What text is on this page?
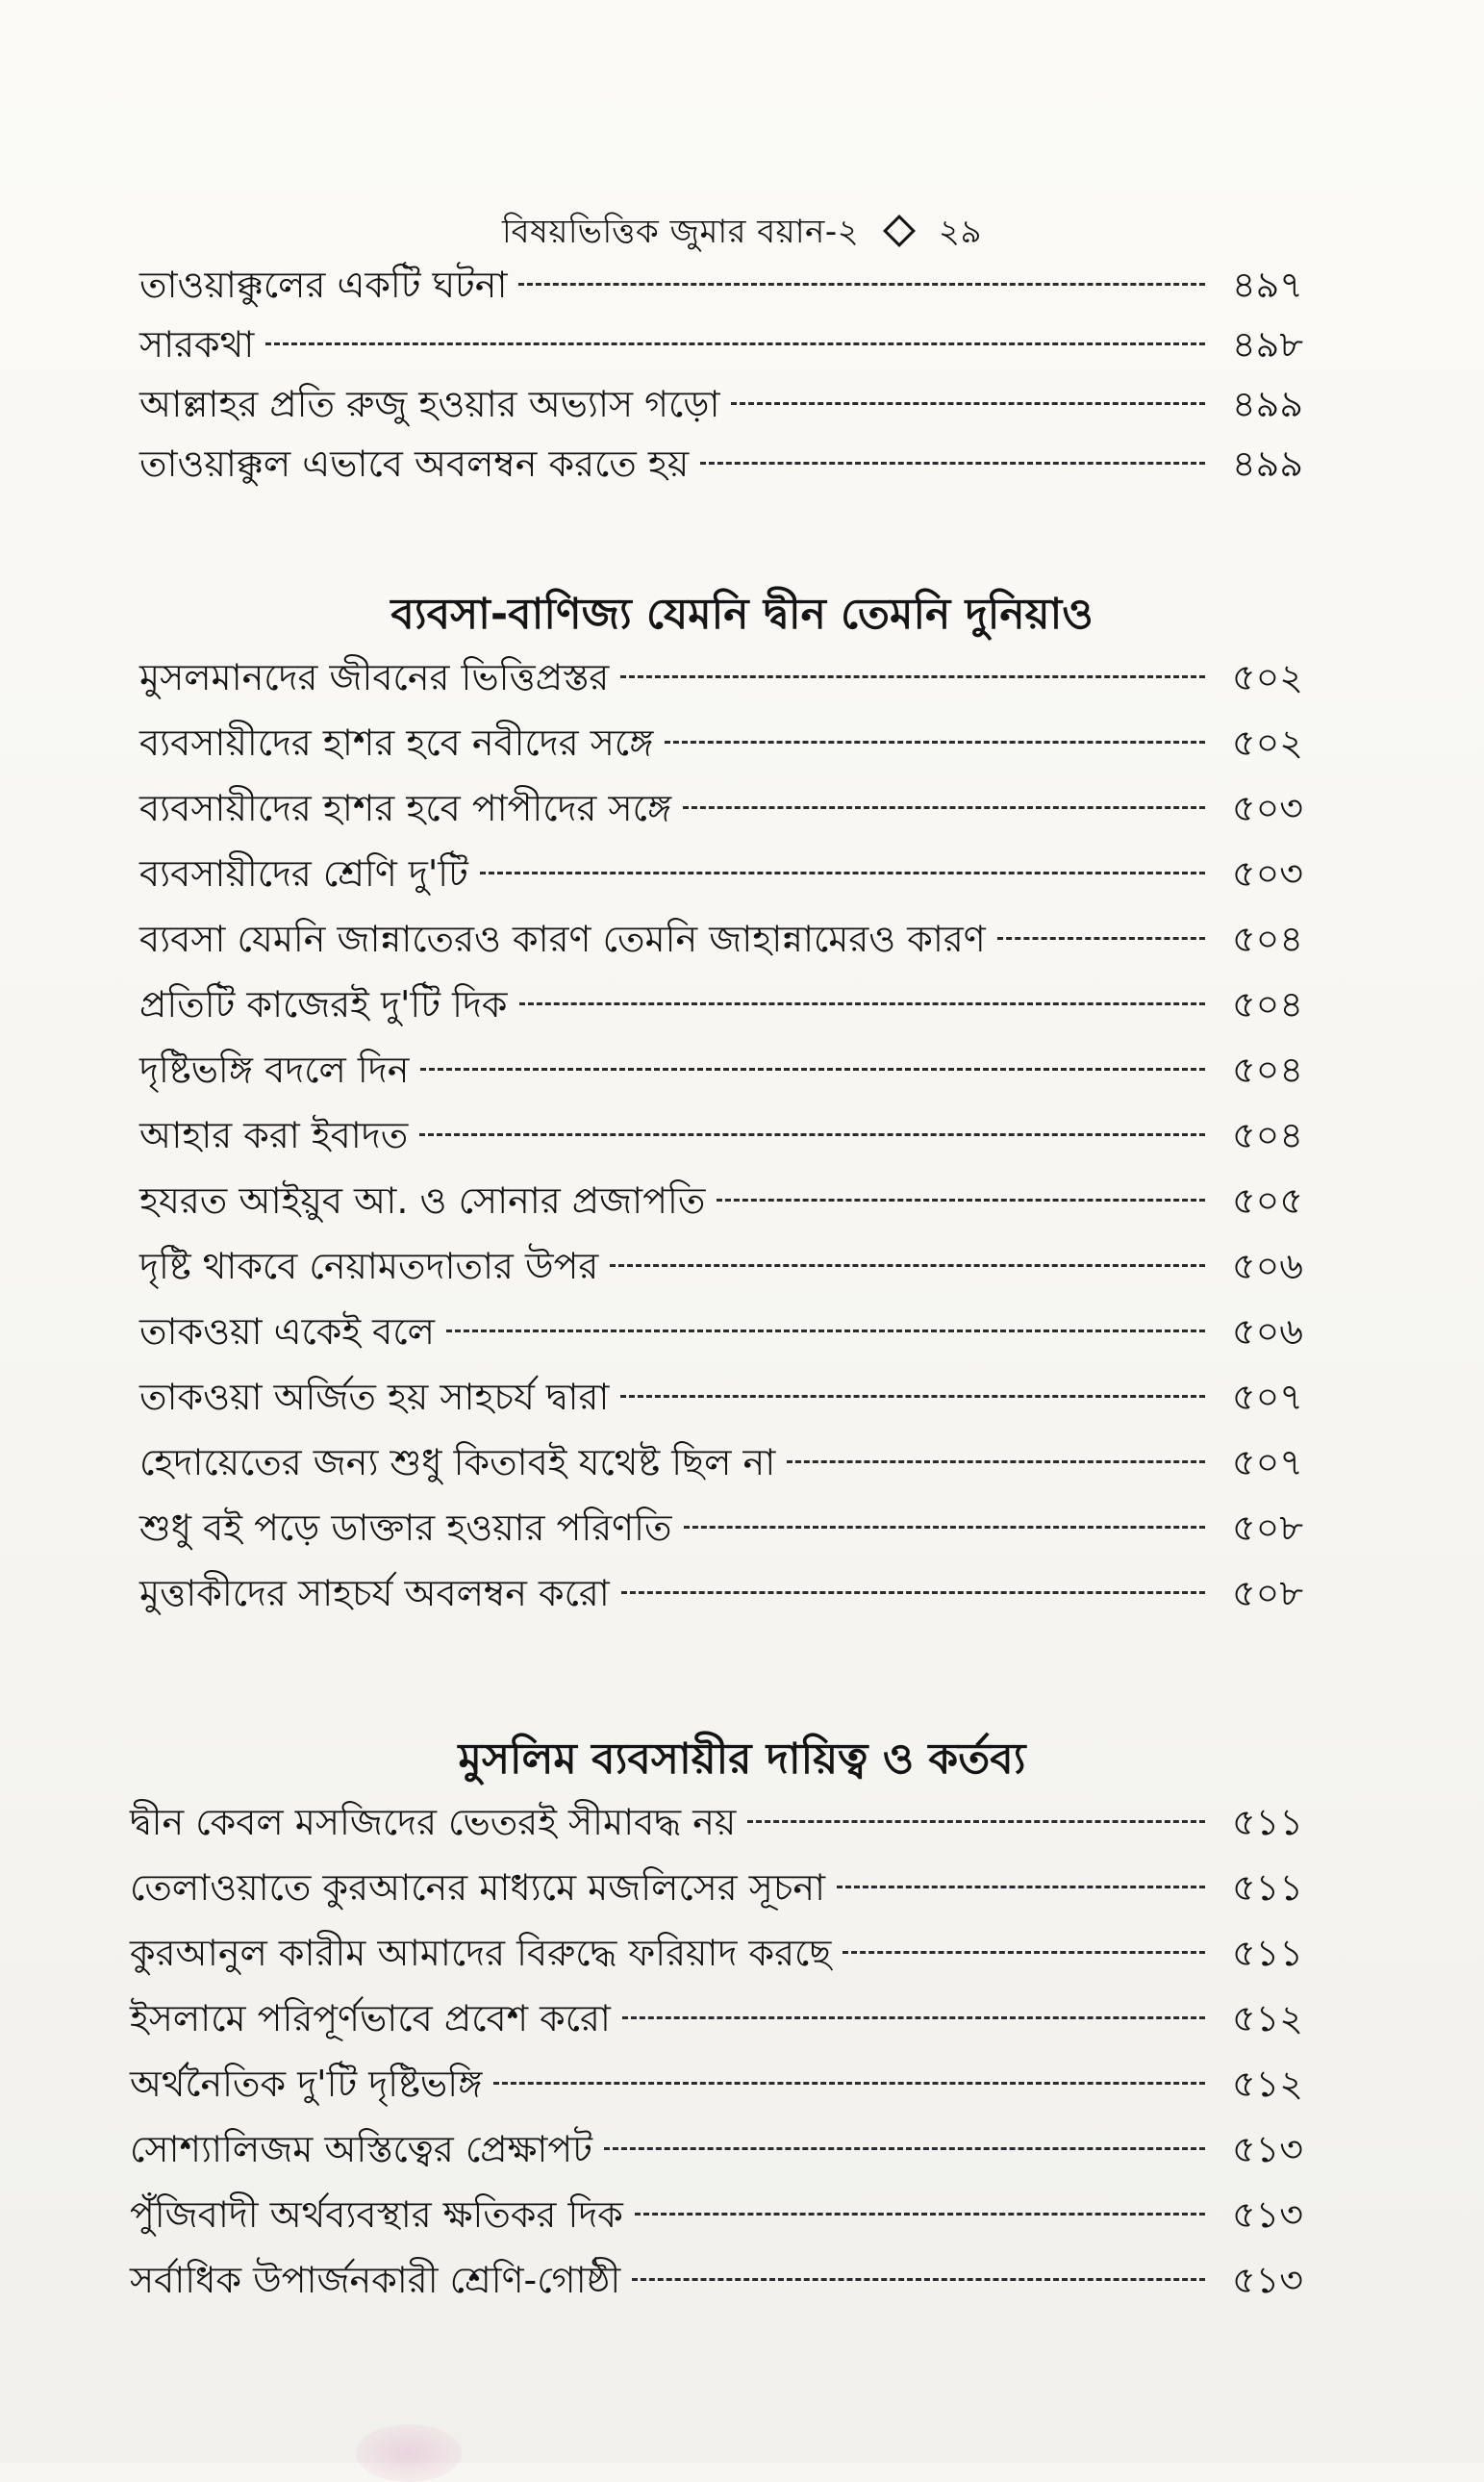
বিষয়ভিত্তিক জুমার বয়ান-২ ২৯
তাওয়াক্কুলের একটি ঘটনা	৪৯৭
সারকথা	৪৯৮
আল্লাহর প্রতি রুজু হওয়ার অভ্যাস গড়ো	৪৯৯
তাওয়াক্কুল এভাবে অবলম্বন করতে হয়	৪৯৯
ব্যবসা-বাণিজ্য যেমনি দ্বীন তেমনি দুনিয়াও
মুসলমানদের জীবনের ভিত্তিপ্রস্তর	৫০২
ব্যবসায়ীদের হাশর হবে নবীদের সঙ্গে	৫০২
ব্যবসায়ীদের হাশর হবে পাপীদের সঙ্গে	৫০৩
ব্যবসায়ীদের শ্রেণি দু'টি	৫০৩
ব্যবসা যেমনি জান্নাতেরও কারণ তেমনি জাহান্নামেরও কারণ	৫০৪
প্রতিটি কাজেরই দু'টি দিক	৫০৪
দৃষ্টিভঙ্গি বদলে দিন	৫০৪
আহার করা ইবাদত	৫০৪
হযরত আইয়ুব আ. ও সোনার প্রজাপতি	৫০৫
দৃষ্টি থাকবে নেয়ামতদাতার উপর	৫০৬
তাকওয়া একেই বলে	৫০৬
তাকওয়া অর্জিত হয় সাহচর্য দ্বারা	৫০৭
হেদায়েতের জন্য শুধু কিতাবই যথেষ্ট ছিল না	৫০৭
শুধু বই পড়ে ডাক্তার হওয়ার পরিণতি	৫০৮
মুত্তাকীদের সাহচর্য অবলম্বন করো	৫০৮
মুসলিম ব্যবসায়ীর দায়িত্ব ও কর্তব্য
দ্বীন কেবল মসজিদের ভেতরই সীমাবদ্ধ নয়	৫১১
তেলাওয়াতে কুরআনের মাধ্যমে মজলিসের সূচনা	৫১১
কুরআনুল কারীম আমাদের বিরুদ্ধে ফরিয়াদ করছে	৫১১
ইসলামে পরিপূর্ণভাবে প্রবেশ করো	৫১২
অর্থনৈতিক দু'টি দৃষ্টিভঙ্গি	৫১২
সোশ্যালিজম অস্তিত্বের প্রেক্ষাপট	৫১৩
পুঁজিবাদী অর্থব্যবস্থার ক্ষতিকর দিক	৫১৩
সর্বাধিক উপার্জনকারী শ্রেণি-গোষ্ঠী	৫১৩
